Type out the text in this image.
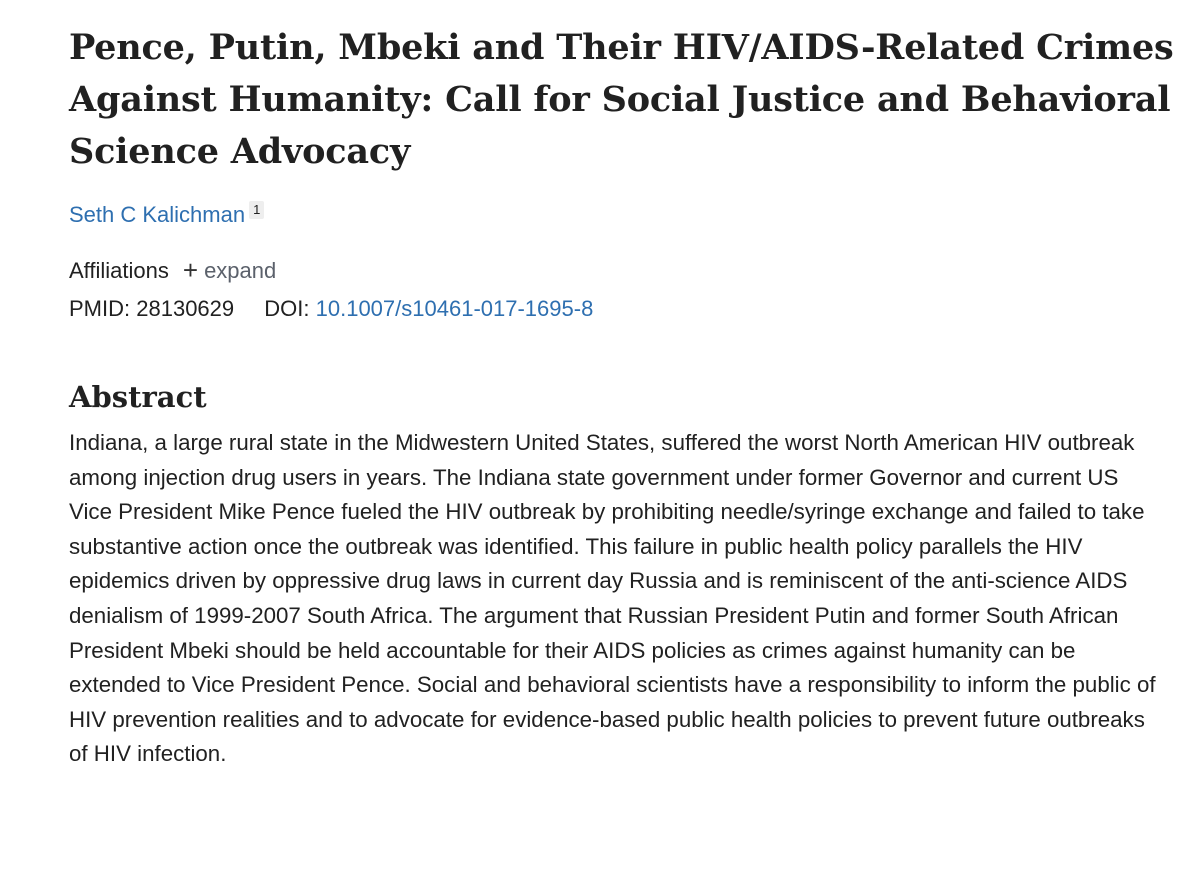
Pence, Putin, Mbeki and Their HIV/AIDS-Related Crimes Against Humanity: Call for Social Justice and Behavioral Science Advocacy
Seth C Kalichman 1
Affiliations + expand
PMID: 28130629 DOI: 10.1007/s10461-017-1695-8
Abstract
Indiana, a large rural state in the Midwestern United States, suffered the worst North American HIV outbreak among injection drug users in years. The Indiana state government under former Governor and current US Vice President Mike Pence fueled the HIV outbreak by prohibiting needle/syringe exchange and failed to take substantive action once the outbreak was identified. This failure in public health policy parallels the HIV epidemics driven by oppressive drug laws in current day Russia and is reminiscent of the anti-science AIDS denialism of 1999-2007 South Africa. The argument that Russian President Putin and former South African President Mbeki should be held accountable for their AIDS policies as crimes against humanity can be extended to Vice President Pence. Social and behavioral scientists have a responsibility to inform the public of HIV prevention realities and to advocate for evidence-based public health policies to prevent future outbreaks of HIV infection.
